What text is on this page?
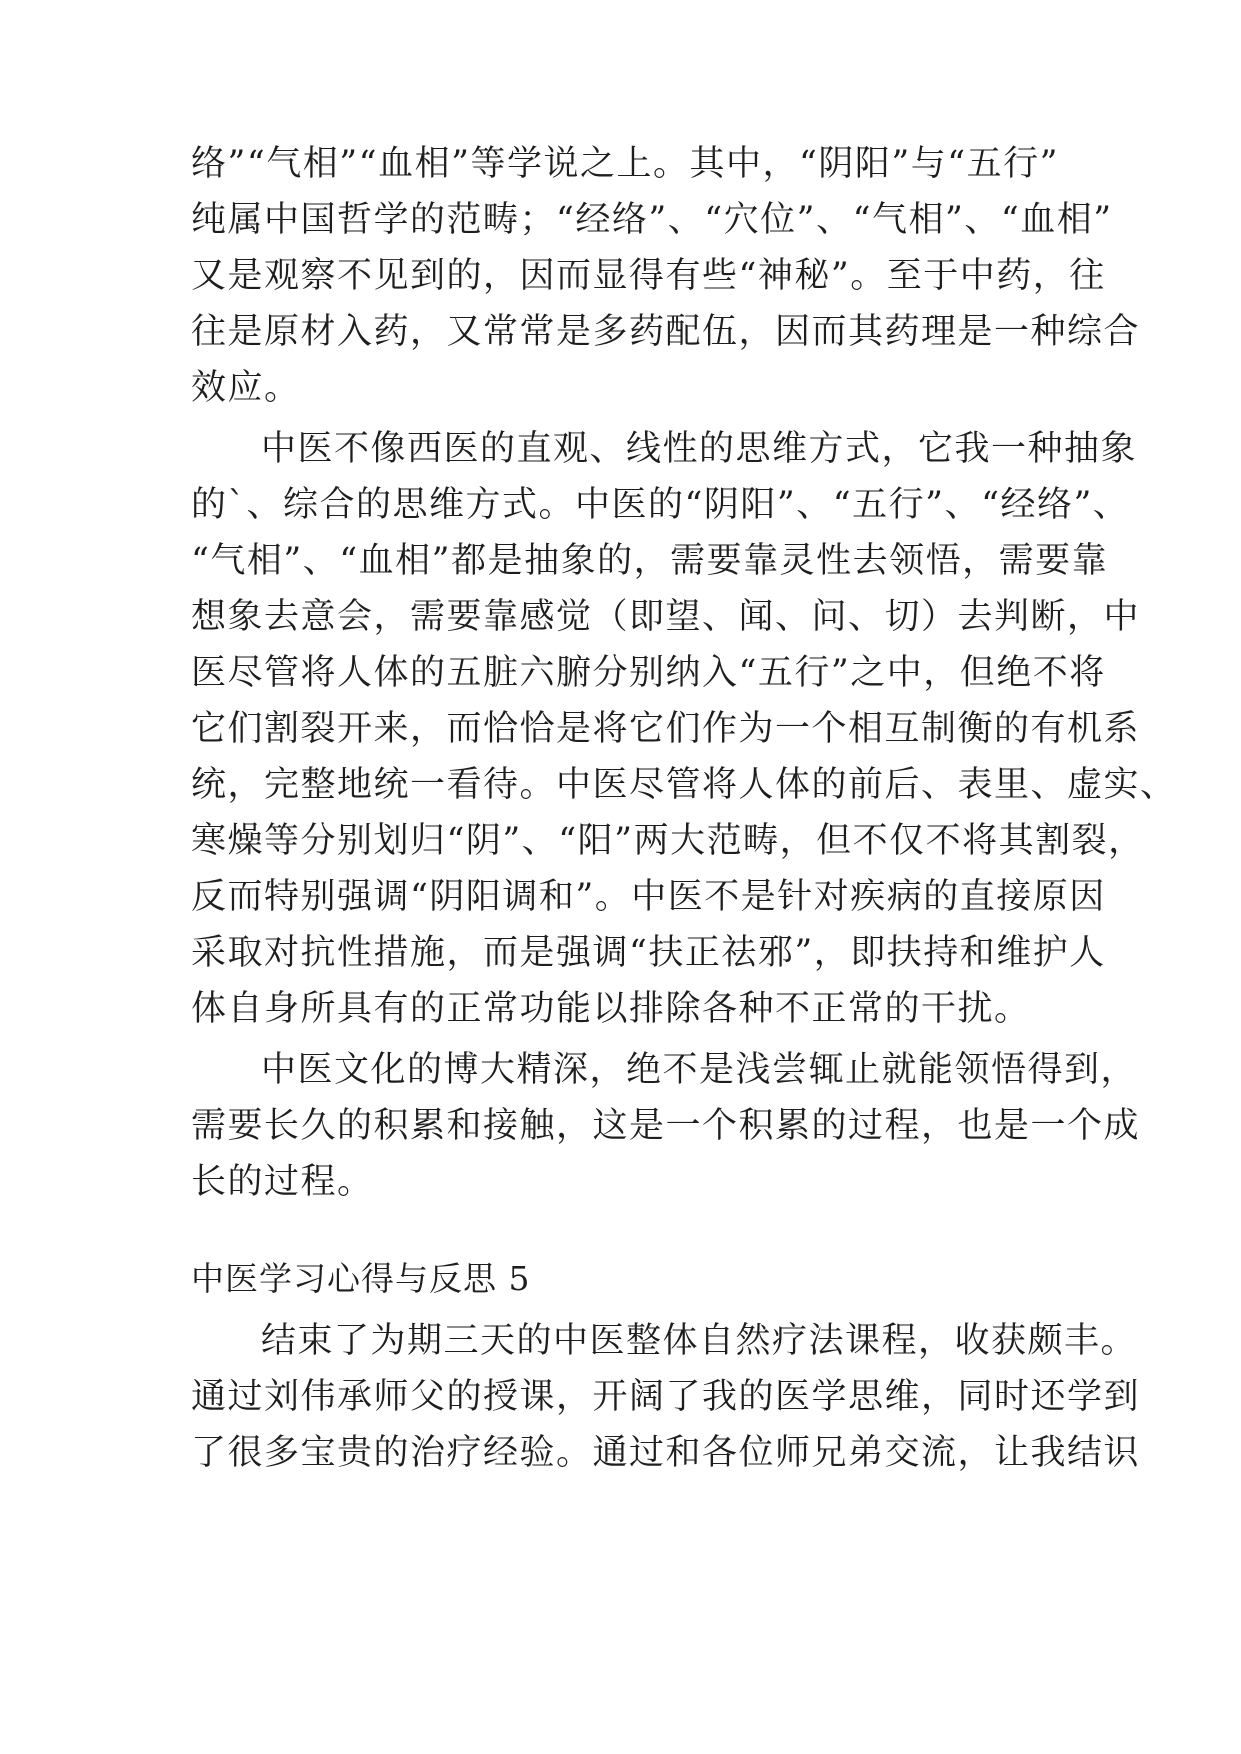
络”“气相”“血相”等学说之上。其中，“阴阳”与“五行”
纯属中国哲学的范畴；“经络”、“穴位”、“气相”、“血相”
又是观察不见到的，因而显得有些“神秘”。至于中药，往
往是原材入药，又常常是多药配伍，因而其药理是一种综合
效应。
中医不像西医的直观、线性的思维方式，它我一种抽象
的`、综合的思维方式。中医的“阴阳”、“五行”、“经络”、
“气相”、“血相”都是抽象的，需要靠灵性去领悟，需要靠
想象去意会，需要靠感觉（即望、闻、问、切）去判断，中
医尽管将人体的五脏六腑分别纳入“五行”之中，但绝不将
它们割裂开来，而恰恰是将它们作为一个相互制衡的有机系
统，完整地统一看待。中医尽管将人体的前后、表里、虚实、
寒燥等分别划归“阴”、“阳”两大范畴，但不仅不将其割裂，
反而特别强调“阴阳调和”。中医不是针对疾病的直接原因
采取对抗性措施，而是强调“扶正祛邪”，即扶持和维护人
体自身所具有的正常功能以排除各种不正常的干扰。
中医文化的博大精深，绝不是浅尝辄止就能领悟得到，
需要长久的积累和接触，这是一个积累的过程，也是一个成
长的过程。
中医学习心得与反思 5
结束了为期三天的中医整体自然疗法课程，收获颇丰。
通过刘伟承师父的授课，开阔了我的医学思维，同时还学到
了很多宝贵的治疗经验。通过和各位师兄弟交流，让我结识
